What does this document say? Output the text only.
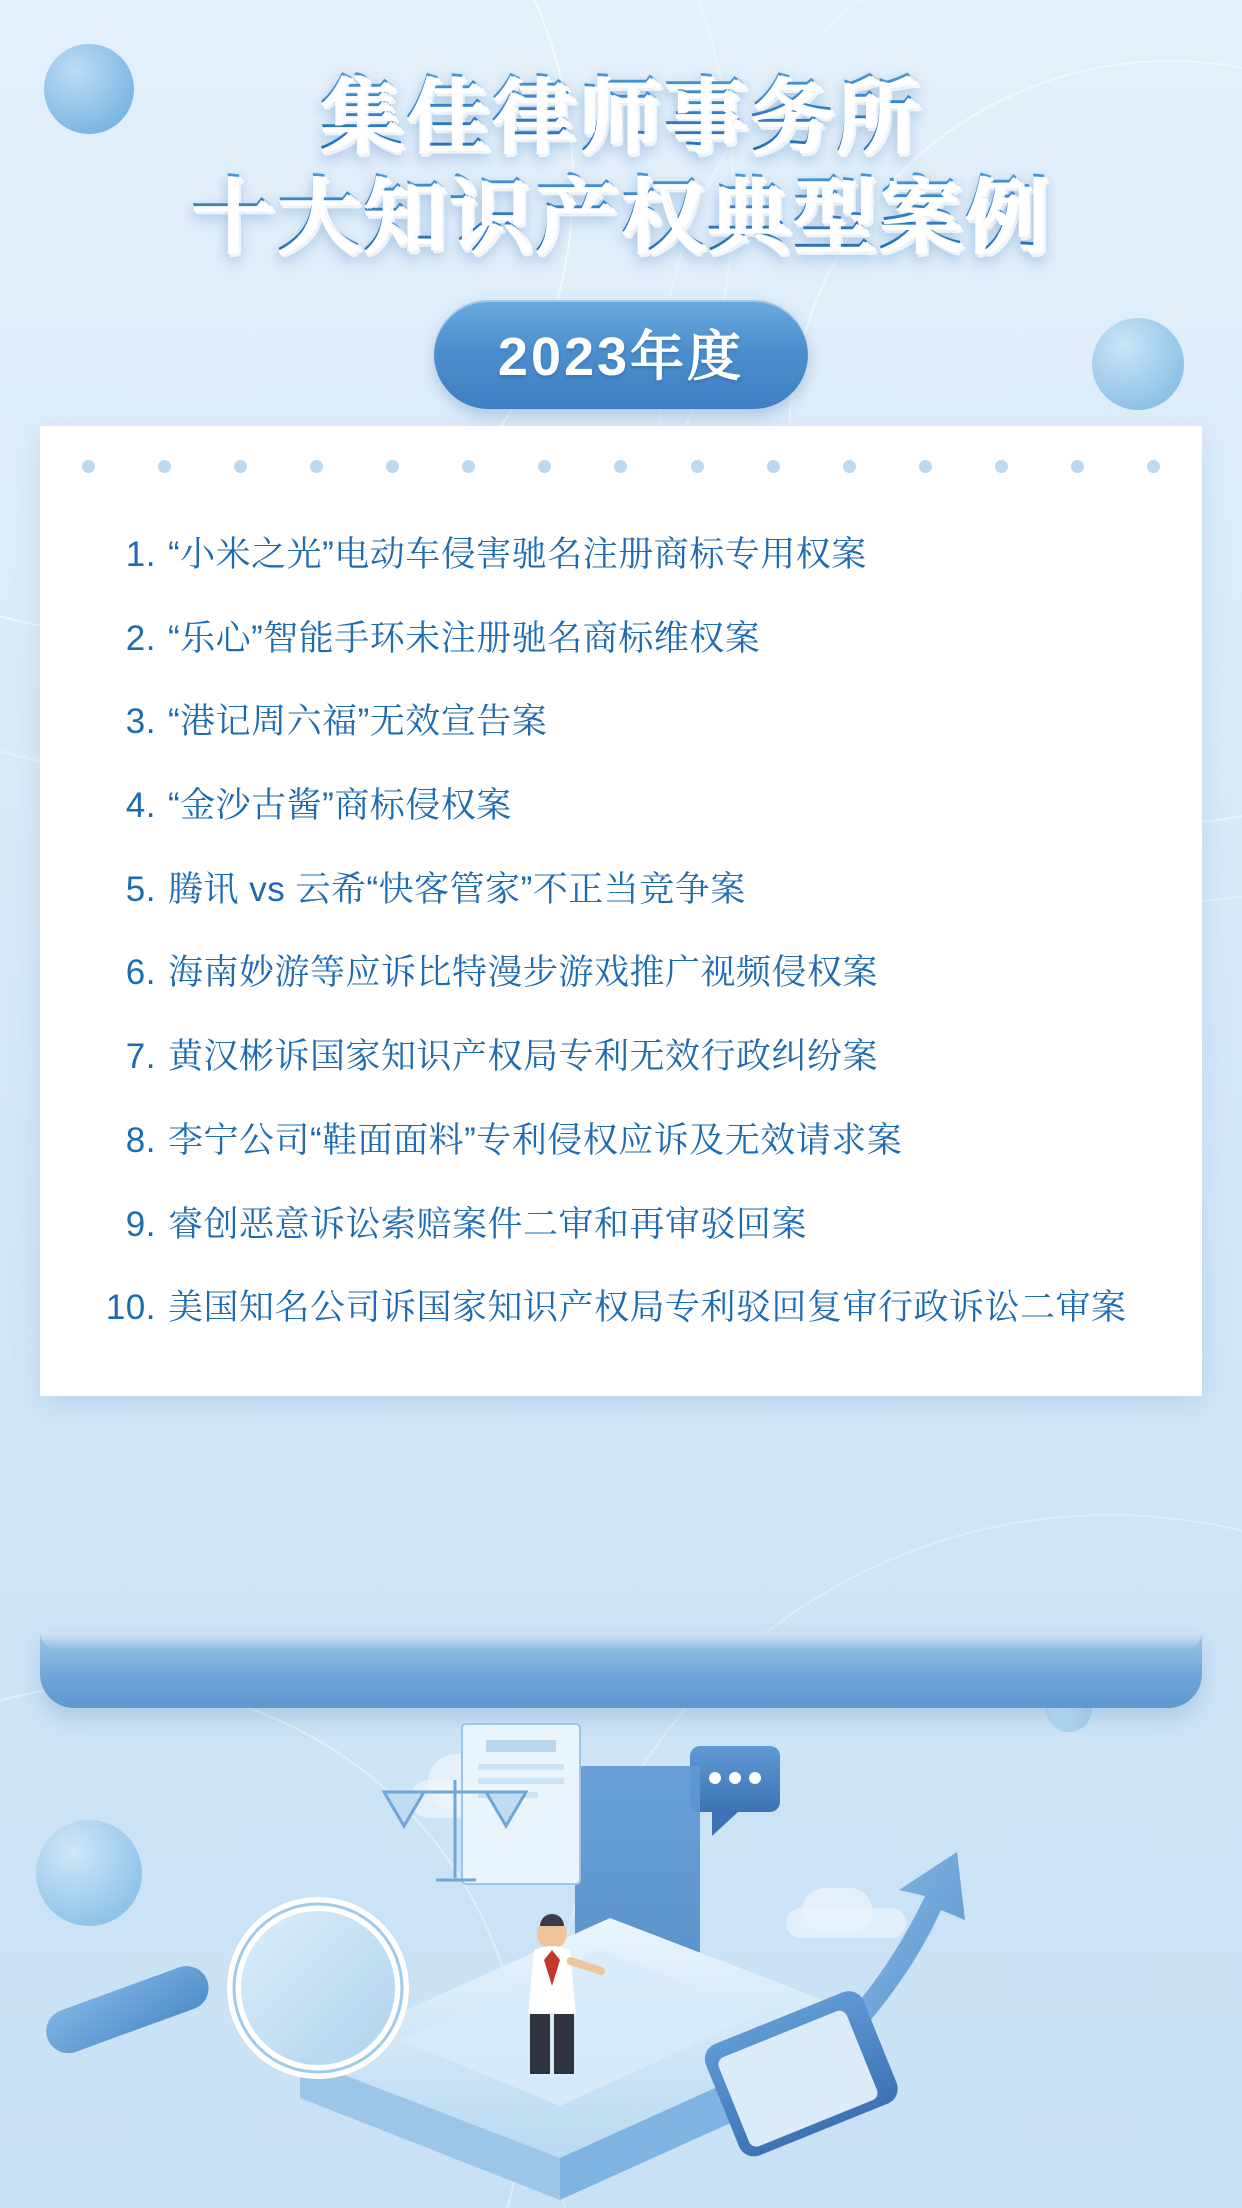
集佳律师事务所
十大知识产权典型案例
2023年度
1. “小米之光”电动车侵害驰名注册商标专用权案
2. “乐心”智能手环未注册驰名商标维权案
3. “港记周六福”无效宣告案
4. “金沙古酱”商标侵权案
5. 腾讯 vs 云希“快客管家”不正当竞争案
6. 海南妙游等应诉比特漫步游戏推广视频侵权案
7. 黄汉彬诉国家知识产权局专利无效行政纠纷案
8. 李宁公司“鞋面面料”专利侵权应诉及无效请求案
9. 睿创恶意诉讼索赔案件二审和再审驳回案
10. 美国知名公司诉国家知识产权局专利驳回复审行政诉讼二审案
